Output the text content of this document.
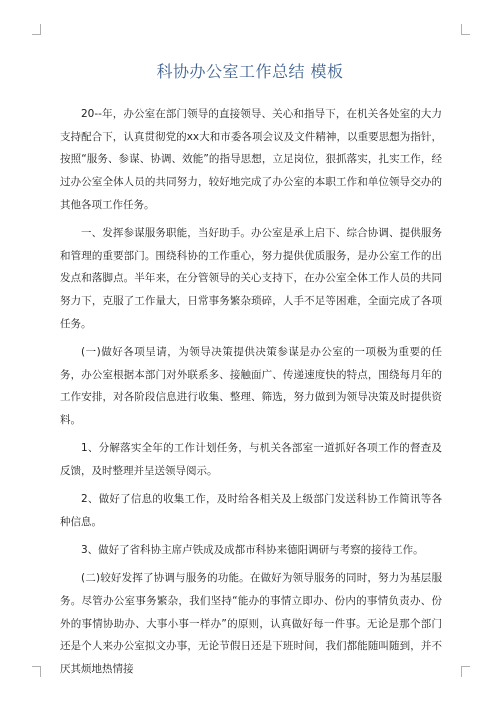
科协办公室工作总结 模板

20--年，办公室在部门领导的直接领导、关心和指导下，在机关各处室的大力支持配合下，认真贯彻党的xx大和市委各项会议及文件精神，以重要思想为指针，按照“服务、参谋、协调、效能”的指导思想，立足岗位，狠抓落实，扎实工作，经过办公室全体人员的共同努力，较好地完成了办公室的本职工作和单位领导交办的其他各项工作任务。

一、发挥参谋服务职能，当好助手。办公室是承上启下、综合协调、提供服务和管理的重要部门。围绕科协的工作重心，努力提供优质服务，是办公室工作的出发点和落脚点。半年来，在分管领导的关心支持下，在办公室全体工作人员的共同努力下，克服了工作量大，日常事务繁杂琐碎，人手不足等困难，全面完成了各项任务。

(一)做好各项呈请，为领导决策提供决策参谋是办公室的一项极为重要的任务，办公室根据本部门对外联系多、接触面广、传递速度快的特点，围绕每月年的工作安排，对各阶段信息进行收集、整理、筛选，努力做到为领导决策及时提供资料。

1、分解落实全年的工作计划任务，与机关各部室一道抓好各项工作的督查及反馈，及时整理并呈送领导阅示。

2、做好了信息的收集工作，及时给各相关及上级部门发送科协工作简讯等各种信息。

3、做好了省科协主席卢铁成及成都市科协来德阳调研与考察的接待工作。

(二)较好发挥了协调与服务的功能。在做好为领导服务的同时，努力为基层服务。尽管办公室事务繁杂，我们坚持“能办的事情立即办、份内的事情负责办、份外的事情协助办、大事小事一样办”的原则，认真做好每一件事。无论是那个部门还是个人来办公室拟文办事，无论节假日还是下班时间，我们都能随叫随到，并不厌其烦地热情接
